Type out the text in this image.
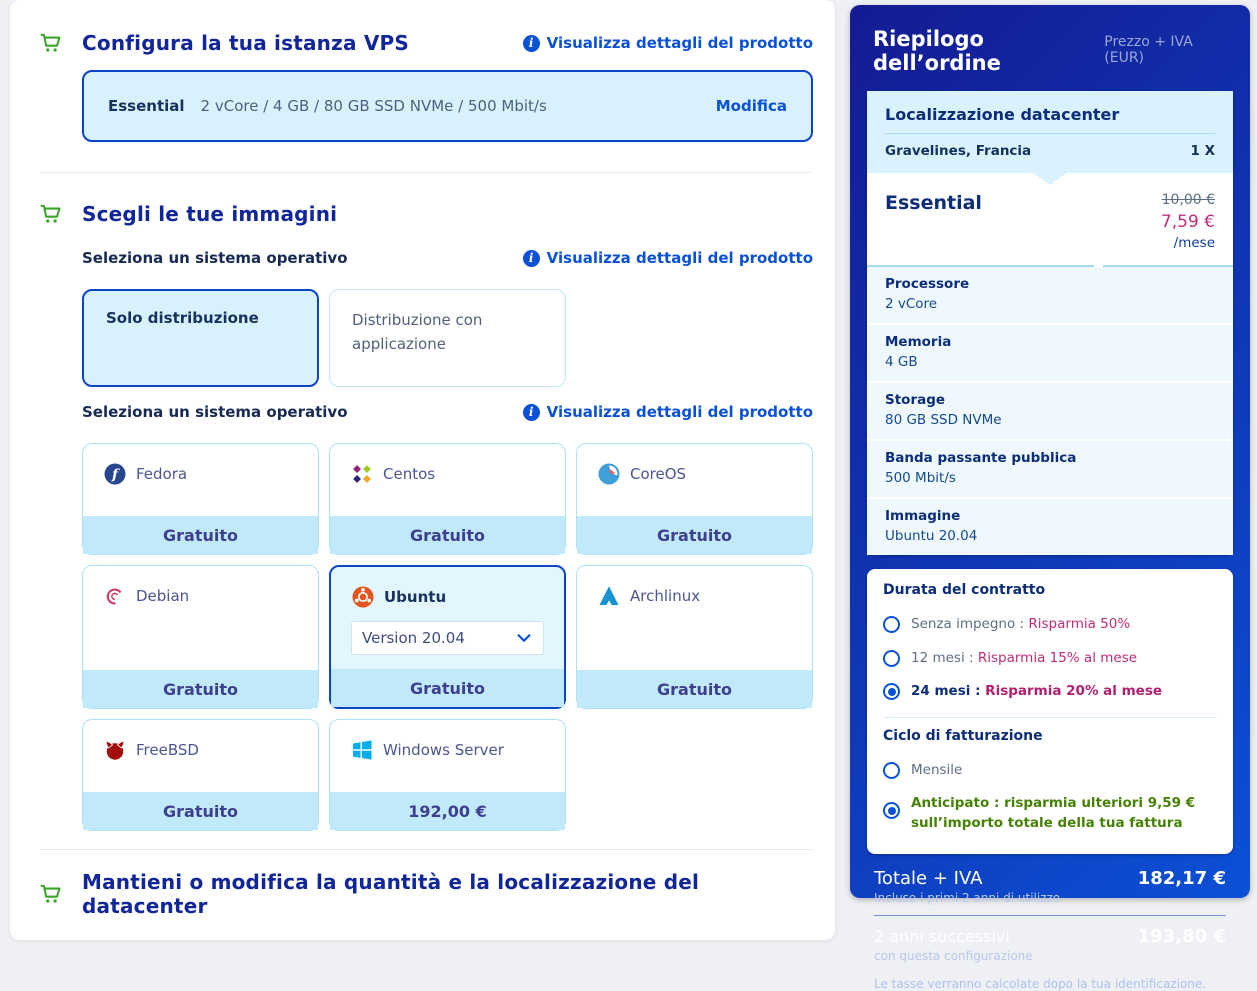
Configura la tua istanza VPS	i Visualizza dettagli del prodotto
Essential 2 vCore / 4 GB / 80 GB SSD NVMe / 500 Mbit/s	Modifica
Scegli le tue immagini
Seleziona un sistema operativo	i Visualizza dettagli del prodotto
Solo distribuzione	Distribuzione con applicazione
Seleziona un sistema operativo	i Visualizza dettagli del prodotto
f Fedora
Gratuito
Centos
Gratuito
CoreOS
Gratuito
Debian
Gratuito
Ubuntu
Version 20.04
Gratuito
Archlinux
Gratuito
FreeBSD
Gratuito
Windows Server
192,00 €
Mantieni o modifica la quantità e la localizzazione del datacenter
Riepilogo dell’ordine
Prezzo + IVA (EUR)
Localizzazione datacenter
Gravelines, Francia	1 X
Essential	10,00 €
7,59 €
/mese
Processore
2 vCore
Memoria
4 GB
Storage
80 GB SSD NVMe
Banda passante pubblica
500 Mbit/s
Immagine
Ubuntu 20.04
Durata del contratto
Senza impegno : Risparmia 50%
12 mesi : Risparmia 15% al mese
24 mesi : Risparmia 20% al mese
Ciclo di fatturazione
Mensile
Anticipato : risparmia ulteriori 9,59 € sull’importo totale della tua fattura
Totale + IVA	182,17 €
Incluso i primi 2 anni di utilizzo
2 anni successivi	193,80 €
con questa configurazione
Le tasse verranno calcolate dopo la tua identificazione.
